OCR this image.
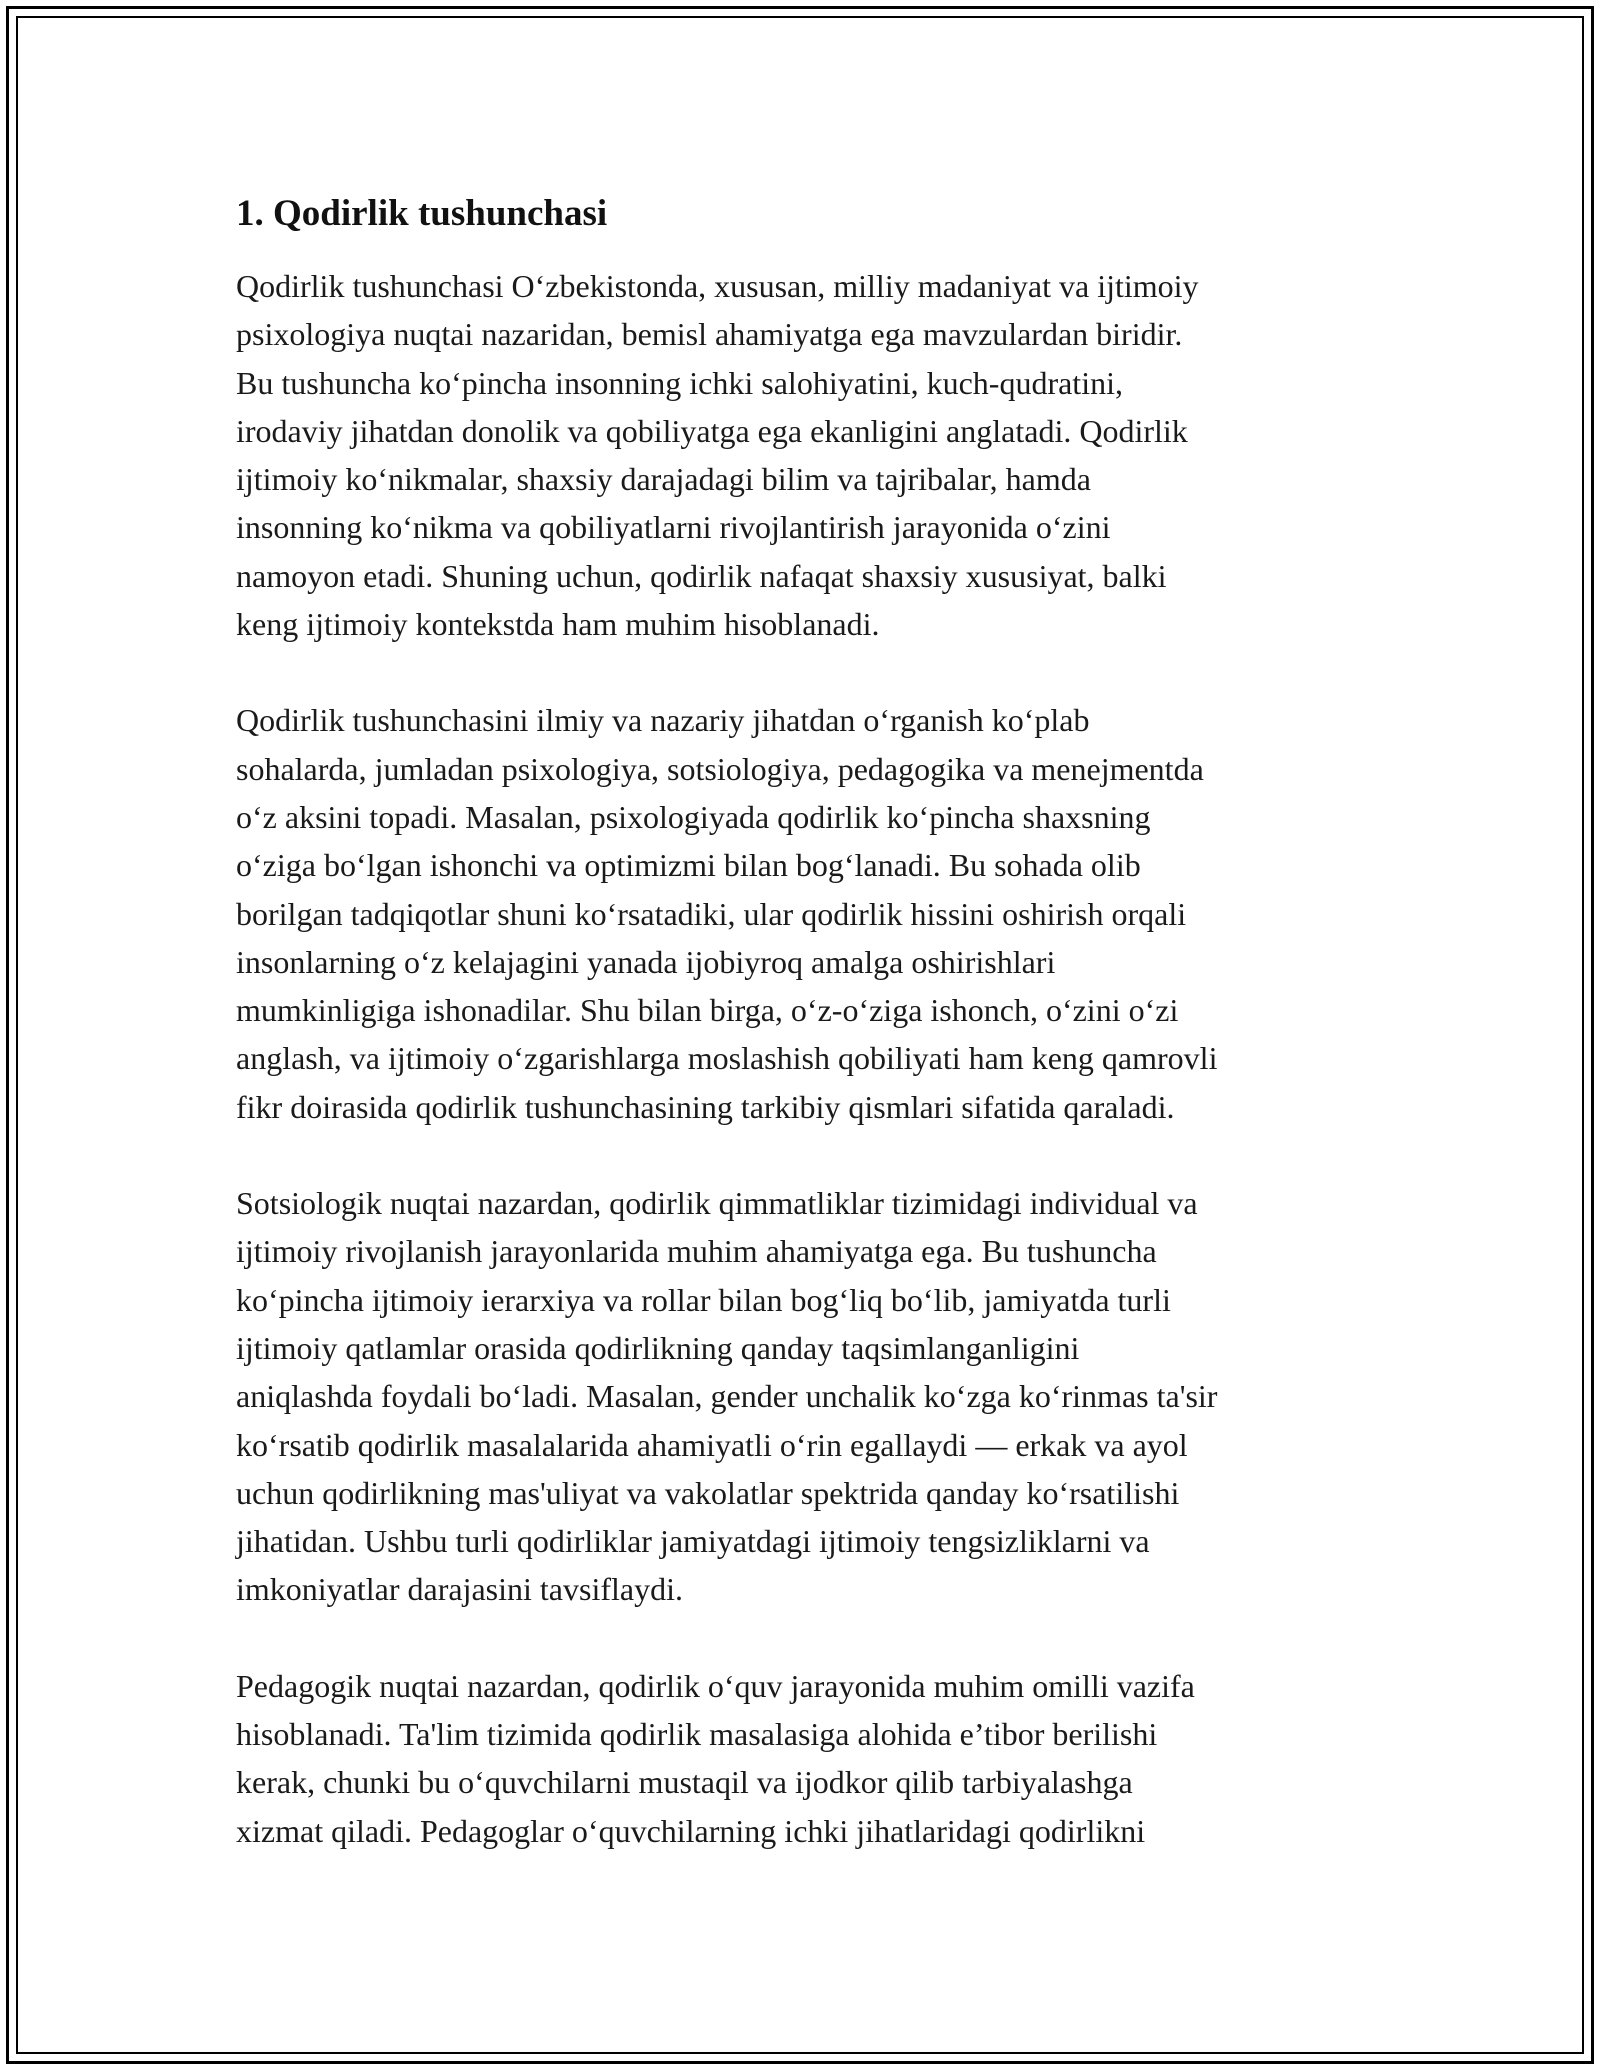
1. Qodirlik tushunchasi

Qodirlik tushunchasi O‘zbekistonda, xususan, milliy madaniyat va ijtimoiy
psixologiya nuqtai nazaridan, bemisl ahamiyatga ega mavzulardan biridir.
Bu tushuncha ko‘pincha insonning ichki salohiyatini, kuch-qudratini,
irodaviy jihatdan donolik va qobiliyatga ega ekanligini anglatadi. Qodirlik
ijtimoiy ko‘nikmalar, shaxsiy darajadagi bilim va tajribalar, hamda
insonning ko‘nikma va qobiliyatlarni rivojlantirish jarayonida o‘zini
namoyon etadi. Shuning uchun, qodirlik nafaqat shaxsiy xususiyat, balki
keng ijtimoiy kontekstda ham muhim hisoblanadi.

Qodirlik tushunchasini ilmiy va nazariy jihatdan o‘rganish ko‘plab
sohalarda, jumladan psixologiya, sotsiologiya, pedagogika va menejmentda
o‘z aksini topadi. Masalan, psixologiyada qodirlik ko‘pincha shaxsning
o‘ziga bo‘lgan ishonchi va optimizmi bilan bog‘lanadi. Bu sohada olib
borilgan tadqiqotlar shuni ko‘rsatadiki, ular qodirlik hissini oshirish orqali
insonlarning o‘z kelajagini yanada ijobiyroq amalga oshirishlari
mumkinligiga ishonadilar. Shu bilan birga, o‘z-o‘ziga ishonch, o‘zini o‘zi
anglash, va ijtimoiy o‘zgarishlarga moslashish qobiliyati ham keng qamrovli
fikr doirasida qodirlik tushunchasining tarkibiy qismlari sifatida qaraladi.

Sotsiologik nuqtai nazardan, qodirlik qimmatliklar tizimidagi individual va
ijtimoiy rivojlanish jarayonlarida muhim ahamiyatga ega. Bu tushuncha
ko‘pincha ijtimoiy ierarxiya va rollar bilan bog‘liq bo‘lib, jamiyatda turli
ijtimoiy qatlamlar orasida qodirlikning qanday taqsimlanganligini
aniqlashda foydali bo‘ladi. Masalan, gender unchalik ko‘zga ko‘rinmas ta'sir
ko‘rsatib qodirlik masalalarida ahamiyatli o‘rin egallaydi — erkak va ayol
uchun qodirlikning mas'uliyat va vakolatlar spektrida qanday ko‘rsatilishi
jihatidan. Ushbu turli qodirliklar jamiyatdagi ijtimoiy tengsizliklarni va
imkoniyatlar darajasini tavsiflaydi.

Pedagogik nuqtai nazardan, qodirlik o‘quv jarayonida muhim omilli vazifa
hisoblanadi. Ta'lim tizimida qodirlik masalasiga alohida e’tibor berilishi
kerak, chunki bu o‘quvchilarni mustaqil va ijodkor qilib tarbiyalashga
xizmat qiladi. Pedagoglar o‘quvchilarning ichki jihatlaridagi qodirlikni
